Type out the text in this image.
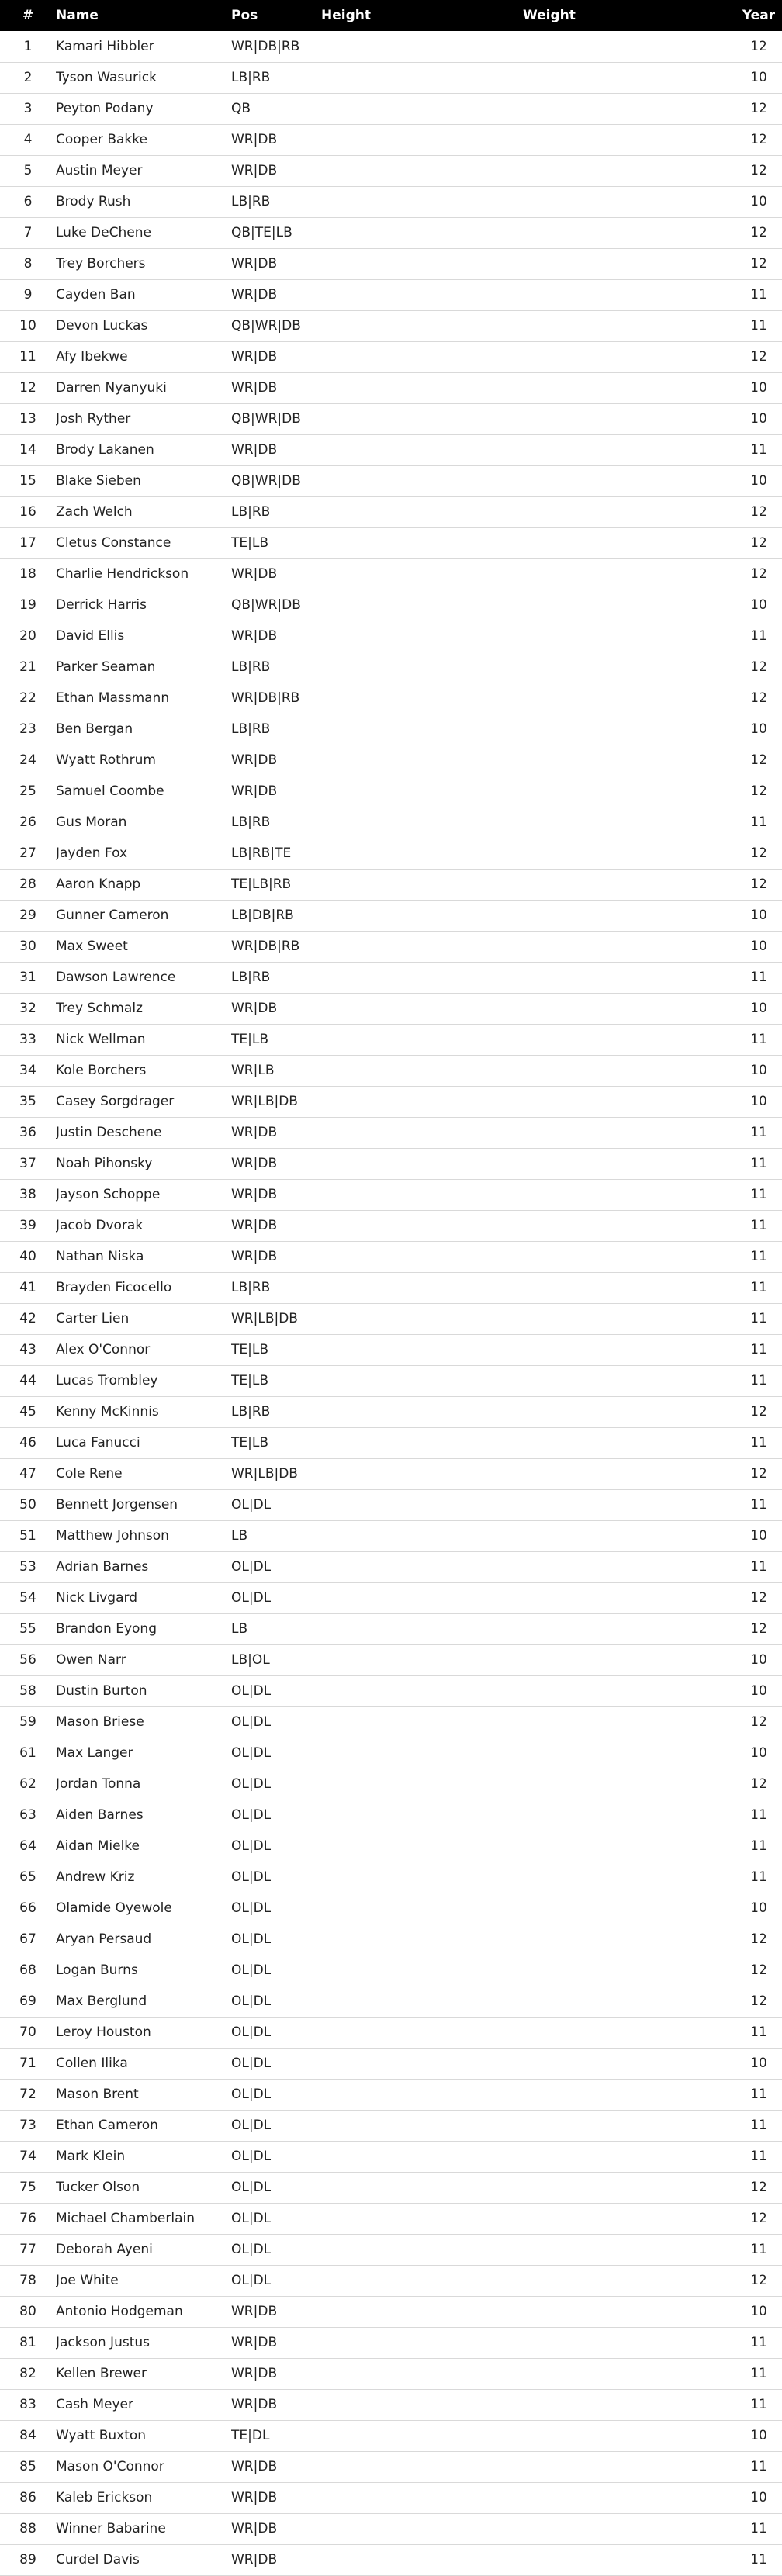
#	Name	Pos	Height	Weight	Year
1	Kamari Hibbler	WR|DB|RB			12
2	Tyson Wasurick	LB|RB			10
3	Peyton Podany	QB			12
4	Cooper Bakke	WR|DB			12
5	Austin Meyer	WR|DB			12
6	Brody Rush	LB|RB			10
7	Luke DeChene	QB|TE|LB			12
8	Trey Borchers	WR|DB			12
9	Cayden Ban	WR|DB			11
10	Devon Luckas	QB|WR|DB			11
11	Afy Ibekwe	WR|DB			12
12	Darren Nyanyuki	WR|DB			10
13	Josh Ryther	QB|WR|DB			10
14	Brody Lakanen	WR|DB			11
15	Blake Sieben	QB|WR|DB			10
16	Zach Welch	LB|RB			12
17	Cletus Constance	TE|LB			12
18	Charlie Hendrickson	WR|DB			12
19	Derrick Harris	QB|WR|DB			10
20	David Ellis	WR|DB			11
21	Parker Seaman	LB|RB			12
22	Ethan Massmann	WR|DB|RB			12
23	Ben Bergan	LB|RB			10
24	Wyatt Rothrum	WR|DB			12
25	Samuel Coombe	WR|DB			12
26	Gus Moran	LB|RB			11
27	Jayden Fox	LB|RB|TE			12
28	Aaron Knapp	TE|LB|RB			12
29	Gunner Cameron	LB|DB|RB			10
30	Max Sweet	WR|DB|RB			10
31	Dawson Lawrence	LB|RB			11
32	Trey Schmalz	WR|DB			10
33	Nick Wellman	TE|LB			11
34	Kole Borchers	WR|LB			10
35	Casey Sorgdrager	WR|LB|DB			10
36	Justin Deschene	WR|DB			11
37	Noah Pihonsky	WR|DB			11
38	Jayson Schoppe	WR|DB			11
39	Jacob Dvorak	WR|DB			11
40	Nathan Niska	WR|DB			11
41	Brayden Ficocello	LB|RB			11
42	Carter Lien	WR|LB|DB			11
43	Alex O'Connor	TE|LB			11
44	Lucas Trombley	TE|LB			11
45	Kenny McKinnis	LB|RB			12
46	Luca Fanucci	TE|LB			11
47	Cole Rene	WR|LB|DB			12
50	Bennett Jorgensen	OL|DL			11
51	Matthew Johnson	LB			10
53	Adrian Barnes	OL|DL			11
54	Nick Livgard	OL|DL			12
55	Brandon Eyong	LB			12
56	Owen Narr	LB|OL			10
58	Dustin Burton	OL|DL			10
59	Mason Briese	OL|DL			12
61	Max Langer	OL|DL			10
62	Jordan Tonna	OL|DL			12
63	Aiden Barnes	OL|DL			11
64	Aidan Mielke	OL|DL			11
65	Andrew Kriz	OL|DL			11
66	Olamide Oyewole	OL|DL			10
67	Aryan Persaud	OL|DL			12
68	Logan Burns	OL|DL			12
69	Max Berglund	OL|DL			12
70	Leroy Houston	OL|DL			11
71	Collen Ilika	OL|DL			10
72	Mason Brent	OL|DL			11
73	Ethan Cameron	OL|DL			11
74	Mark Klein	OL|DL			11
75	Tucker Olson	OL|DL			12
76	Michael Chamberlain	OL|DL			12
77	Deborah Ayeni	OL|DL			11
78	Joe White	OL|DL			12
80	Antonio Hodgeman	WR|DB			10
81	Jackson Justus	WR|DB			11
82	Kellen Brewer	WR|DB			11
83	Cash Meyer	WR|DB			11
84	Wyatt Buxton	TE|DL			10
85	Mason O'Connor	WR|DB			11
86	Kaleb Erickson	WR|DB			10
88	Winner Babarine	WR|DB			11
89	Curdel Davis	WR|DB			11
